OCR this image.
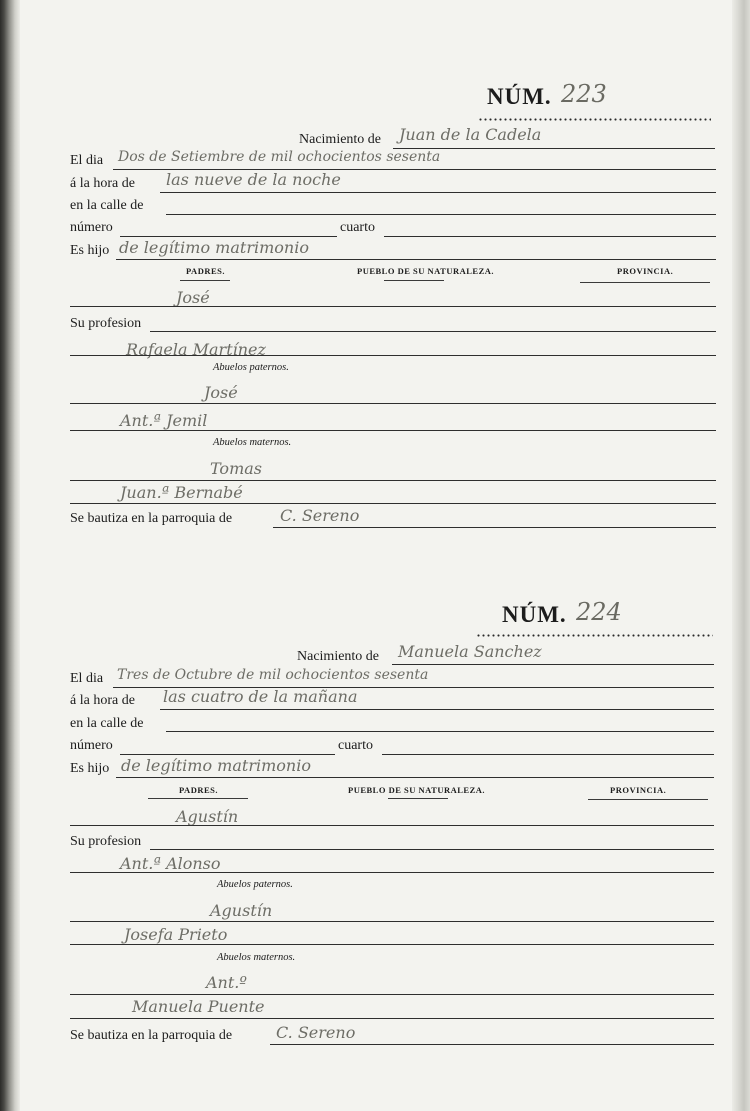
NÚM. 223
Nacimiento de Juan de la Cadela
El dia Dos de Setiembre de mil ochocientos sesenta
á la hora de las nueve de la noche
en la calle de
número	cuarto
Es hijo de legítimo matrimonio
PADRES.	PUEBLO DE SU NATURALEZA.	PROVINCIA.
José
Su profesion
Rafaela Martínez
Abuelos paternos.
José
Ant.ª Jemil
Abuelos maternos.
Tomas
Juan.ª Bernabé
Se bautiza en la parroquia de	C. Sereno
NÚM. 224
Nacimiento de Manuela Sanchez
El dia Tres de Octubre de mil ochocientos sesenta
á la hora de las cuatro de la mañana
en la calle de
número	cuarto
Es hijo de legítimo matrimonio
PADRES.	PUEBLO DE SU NATURALEZA.	PROVINCIA.
Agustín
Su profesion
Ant.ª Alonso
Abuelos paternos.
Agustín
Josefa Prieto
Abuelos maternos.
Ant.º
Manuela Puente
Se bautiza en la parroquia de	C. Sereno
